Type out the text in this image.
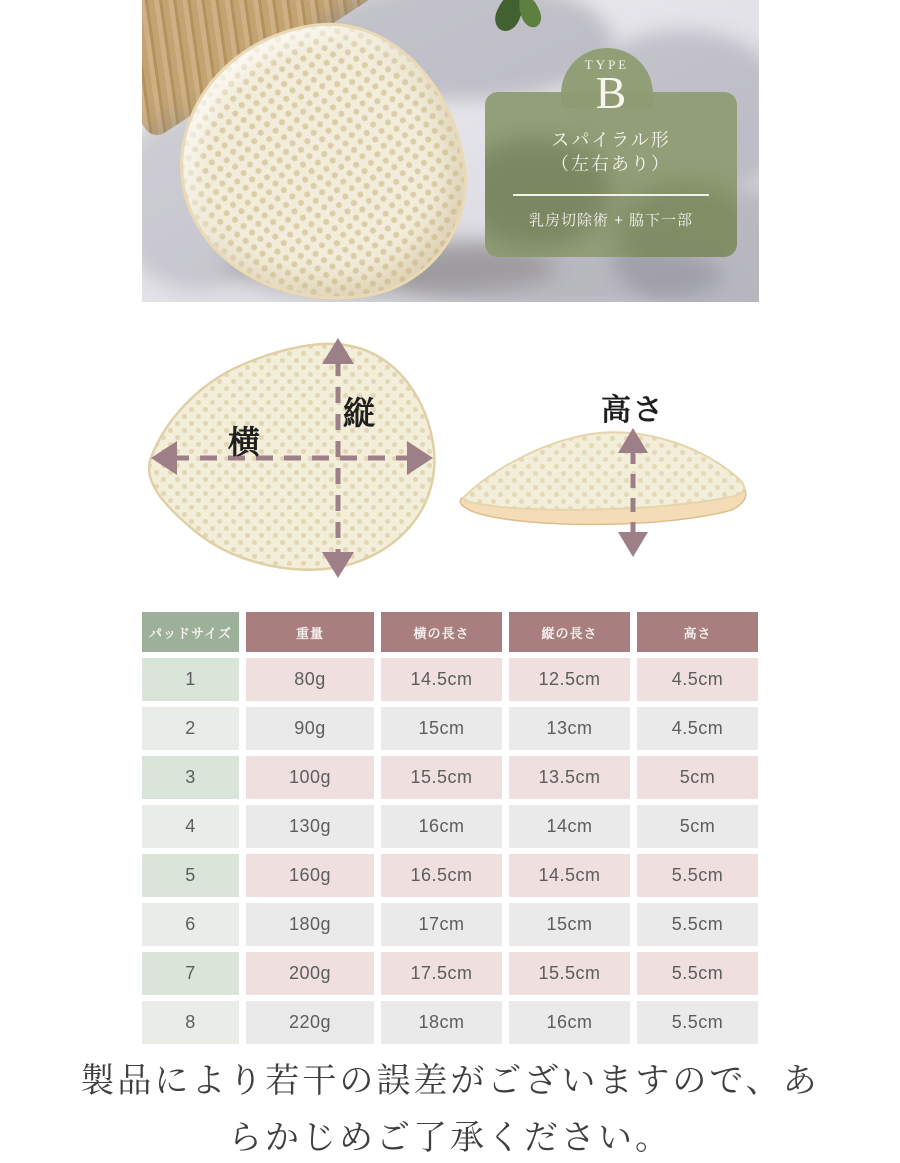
TYPE
B
スパイラル形
（左右あり）
乳房切除術 + 脇下一部
横
縦	高さ
パッドサイズ	重量	横の長さ	縦の長さ	高さ
1	80g	14.5cm	12.5cm	4.5cm
2	90g	15cm	13cm	4.5cm
3	100g	15.5cm	13.5cm	5cm
4	130g	16cm	14cm	5cm
5	160g	16.5cm	14.5cm	5.5cm
6	180g	17cm	15cm	5.5cm
7	200g	17.5cm	15.5cm	5.5cm
8	220g	18cm	16cm	5.5cm
製品により若干の誤差がございますので、あ
らかじめご了承ください。
